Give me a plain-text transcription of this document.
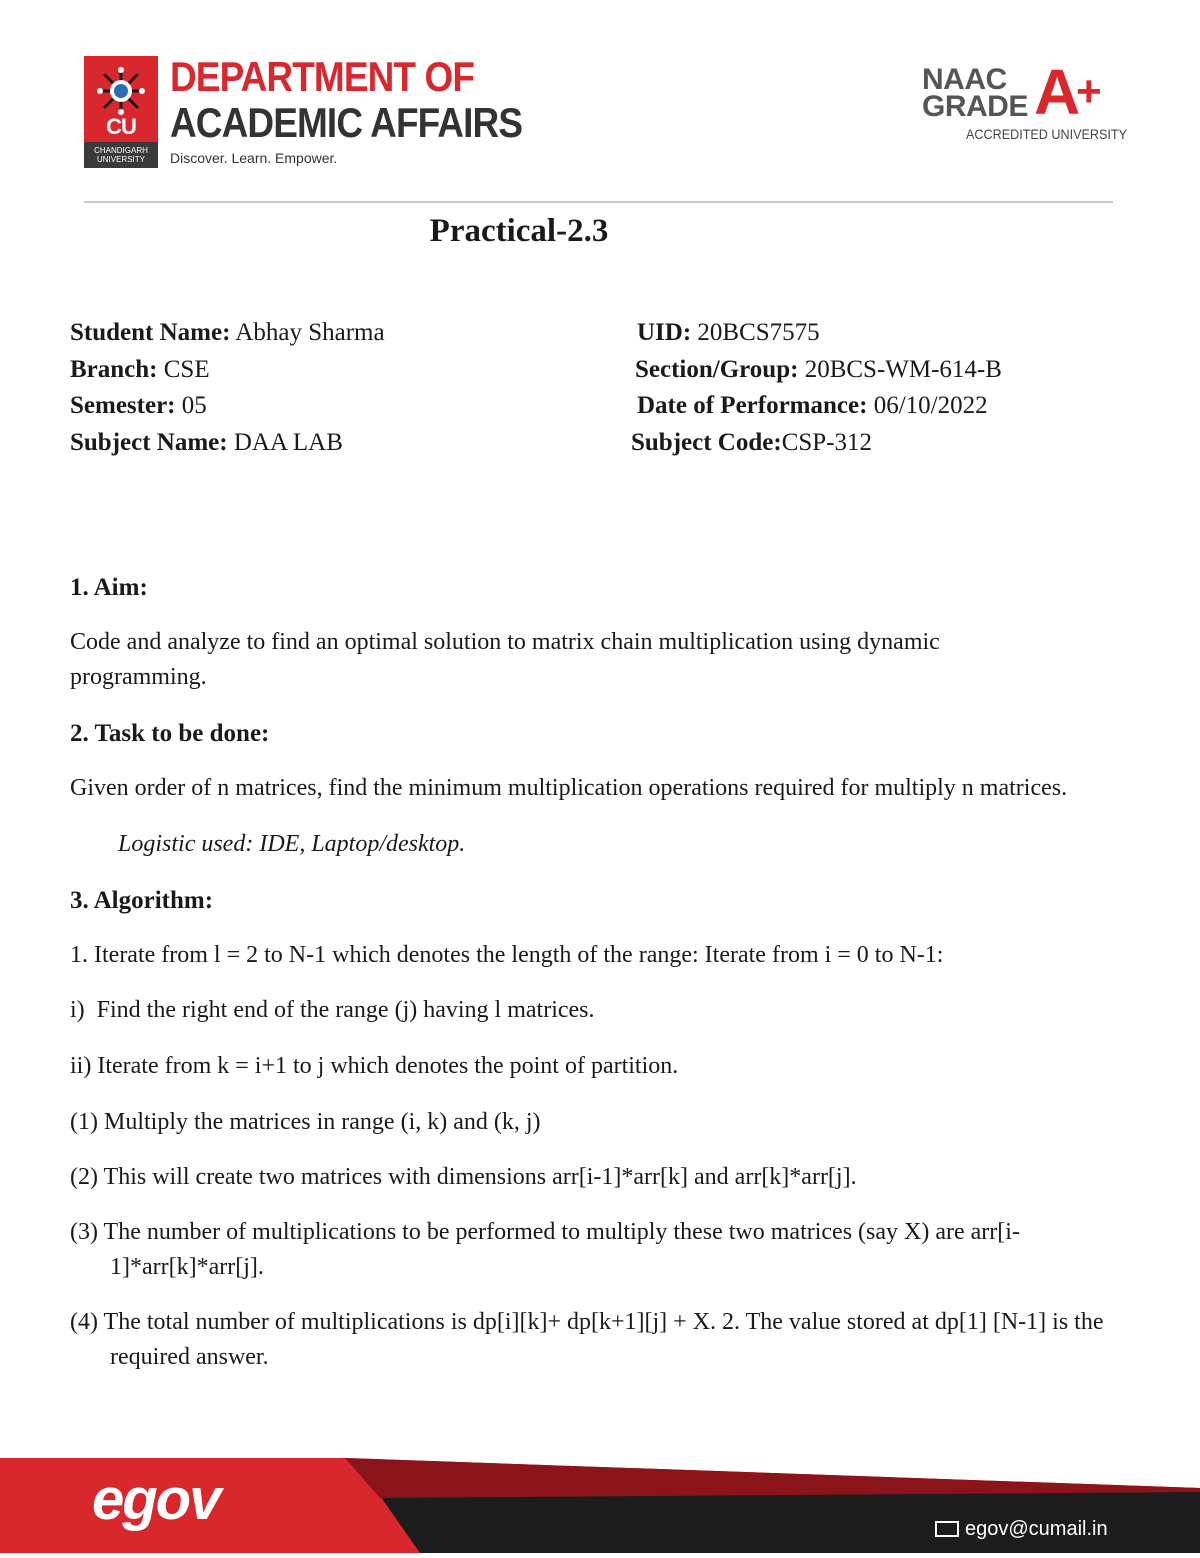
CU
CHANDIGARH
UNIVERSITY
DEPARTMENT OF
ACADEMIC AFFAIRS
Discover. Learn. Empower.
NAAC
GRADE A
+
ACCREDITED UNIVERSITY
Practical-2.3
Student Name: Abhay Sharma	UID: 20BCS7575
Branch: CSE	Section/Group: 20BCS-WM-614-B
Semester: 05	Date of Performance: 06/10/2022
Subject Name: DAA LAB	Subject Code:CSP-312

1. Aim:

Code and analyze to find an optimal solution to matrix chain multiplication using dynamic programming.

2. Task to be done:

Given order of n matrices, find the minimum multiplication operations required for multiply n matrices.

Logistic used: IDE, Laptop/desktop.

3. Algorithm:

1. Iterate from l = 2 to N-1 which denotes the length of the range: Iterate from i = 0 to N-1:

i)  Find the right end of the range (j) having l matrices.

ii) Iterate from k = i+1 to j which denotes the point of partition.

(1) Multiply the matrices in range (i, k) and (k, j)

(2) This will create two matrices with dimensions arr[i-1]*arr[k] and arr[k]*arr[j].

(3) The number of multiplications to be performed to multiply these two matrices (say X) are arr[i-1]*arr[k]*arr[j].

(4) The total number of multiplications is dp[i][k]+ dp[k+1][j] + X. 2. The value stored at dp[1] [N-1] is the required answer.

egov	egov@cumail.in
